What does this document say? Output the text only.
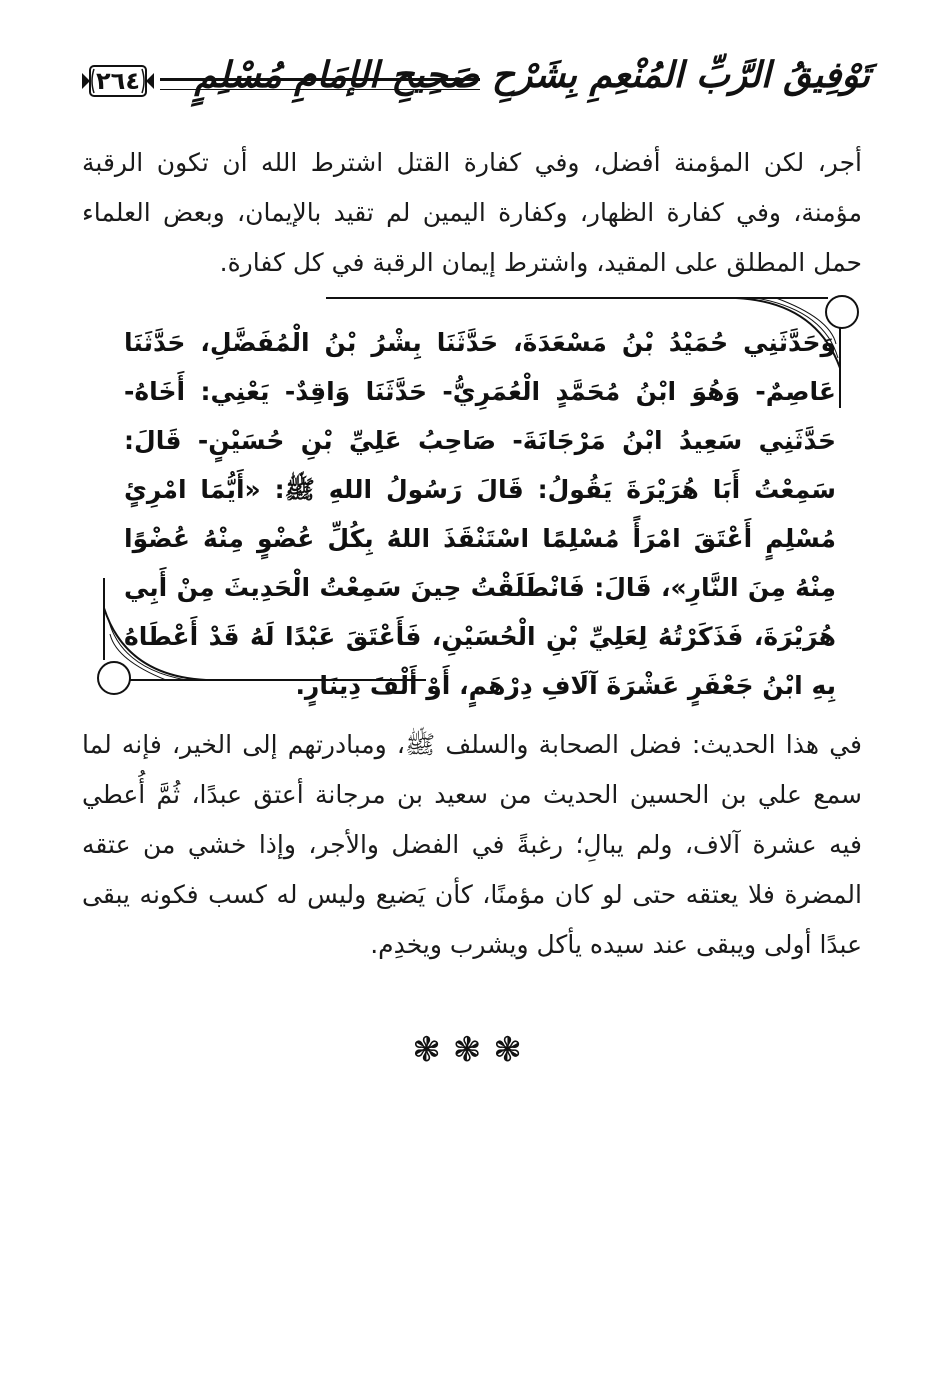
تَوْفِيقُ الرَّبِّ المُنْعِمِ بِشَرْحِ صَحِيحِ الإمَامِ مُسْلِمٍ
٢٦٤
أجر، لكن المؤمنة أفضل، وفي كفارة القتل اشترط الله أن تكون الرقبة مؤمنة، وفي كفارة الظهار، وكفارة اليمين لم تقيد بالإيمان، وبعض العلماء حمل المطلق على المقيد، واشترط إيمان الرقبة في كل كفارة.
وَحَدَّثَنِي حُمَيْدُ بْنُ مَسْعَدَةَ، حَدَّثَنَا بِشْرُ بْنُ الْمُفَضَّلِ، حَدَّثَنَا عَاصِمٌ- وَهُوَ ابْنُ مُحَمَّدٍ الْعُمَرِيُّ- حَدَّثَنَا وَاقِدٌ- يَعْنِي: أَخَاهُ- حَدَّثَنِي سَعِيدُ ابْنُ مَرْجَانَةَ- صَاحِبُ عَلِيِّ بْنِ حُسَيْنٍ- قَالَ: سَمِعْتُ أَبَا هُرَيْرَةَ يَقُولُ: قَالَ رَسُولُ اللهِ ﷺ: «أَيُّمَا امْرِئٍ مُسْلِمٍ أَعْتَقَ امْرَأً مُسْلِمًا اسْتَنْقَذَ اللهُ بِكُلِّ عُضْوٍ مِنْهُ عُضْوًا مِنْهُ مِنَ النَّارِ»، قَالَ: فَانْطَلَقْتُ حِينَ سَمِعْتُ الْحَدِيثَ مِنْ أَبِي هُرَيْرَةَ، فَذَكَرْتُهُ لِعَلِيِّ بْنِ الْحُسَيْنِ، فَأَعْتَقَ عَبْدًا لَهُ قَدْ أَعْطَاهُ بِهِ ابْنُ جَعْفَرٍ عَشْرَةَ آلَافِ دِرْهَمٍ، أَوْ أَلْفَ دِينَارٍ.
في هذا الحديث: فضل الصحابة والسلف ﷺ، ومبادرتهم إلى الخير، فإنه لما سمع علي بن الحسين الحديث من سعيد بن مرجانة أعتق عبدًا، ثُمَّ أُعطي فيه عشرة آلاف، ولم يبالِ؛ رغبةً في الفضل والأجر، وإذا خشي من عتقه المضرة فلا يعتقه حتى لو كان مؤمنًا، كأن يَضيع وليس له كسب فكونه يبقى عبدًا أولى ويبقى عند سيده يأكل ويشرب ويخدِم.
❃❃❃
